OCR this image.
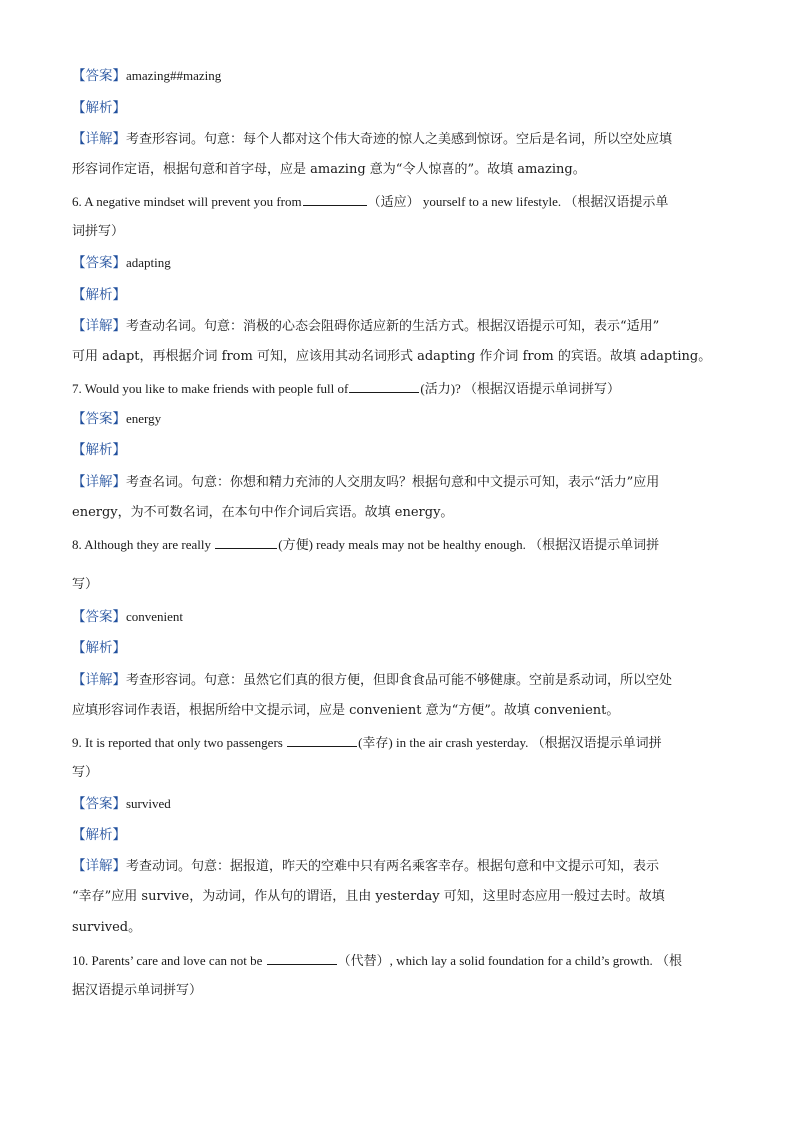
【答案】amazing##mazing
【解析】
【详解】考查形容词。句意：每个人都对这个伟大奇迹的惊人之美感到惊讶。空后是名词，所以空处应填
形容词作定语，根据句意和首字母，应是 amazing 意为“令人惊喜的”。故填 amazing。
6. A negative mindset will prevent you from	（适应） yourself to a new lifestyle. （根据汉语提示单
词拼写）
【答案】adapting
【解析】
【详解】考查动名词。句意：消极的心态会阻碍你适应新的生活方式。根据汉语提示可知，表示“适用”
可用 adapt，再根据介词 from 可知，应该用其动名词形式 adapting 作介词 from 的宾语。故填 adapting。
7. Would you like to make friends with people full of	(活力)? （根据汉语提示单词拼写）
【答案】energy
【解析】
【详解】考查名词。句意：你想和精力充沛的人交朋友吗？根据句意和中文提示可知，表示“活力”应用
energy，为不可数名词，在本句中作介词后宾语。故填 energy。
8. Although they are really	(方便) ready meals may not be healthy enough. （根据汉语提示单词拼
写）
【答案】convenient
【解析】
【详解】考查形容词。句意：虽然它们真的很方便，但即食食品可能不够健康。空前是系动词，所以空处
应填形容词作表语，根据所给中文提示词，应是 convenient 意为“方便”。故填 convenient。
9. It is reported that only two passengers	(幸存) in the air crash yesterday. （根据汉语提示单词拼
写）
【答案】survived
【解析】
【详解】考查动词。句意：据报道，昨天的空难中只有两名乘客幸存。根据句意和中文提示可知，表示
“幸存”应用 survive，为动词，作从句的谓语，且由 yesterday 可知，这里时态应用一般过去时。故填
survived。
10. Parents’ care and love can not be	（代替）, which lay a solid foundation for a child’s growth. （根
据汉语提示单词拼写）
